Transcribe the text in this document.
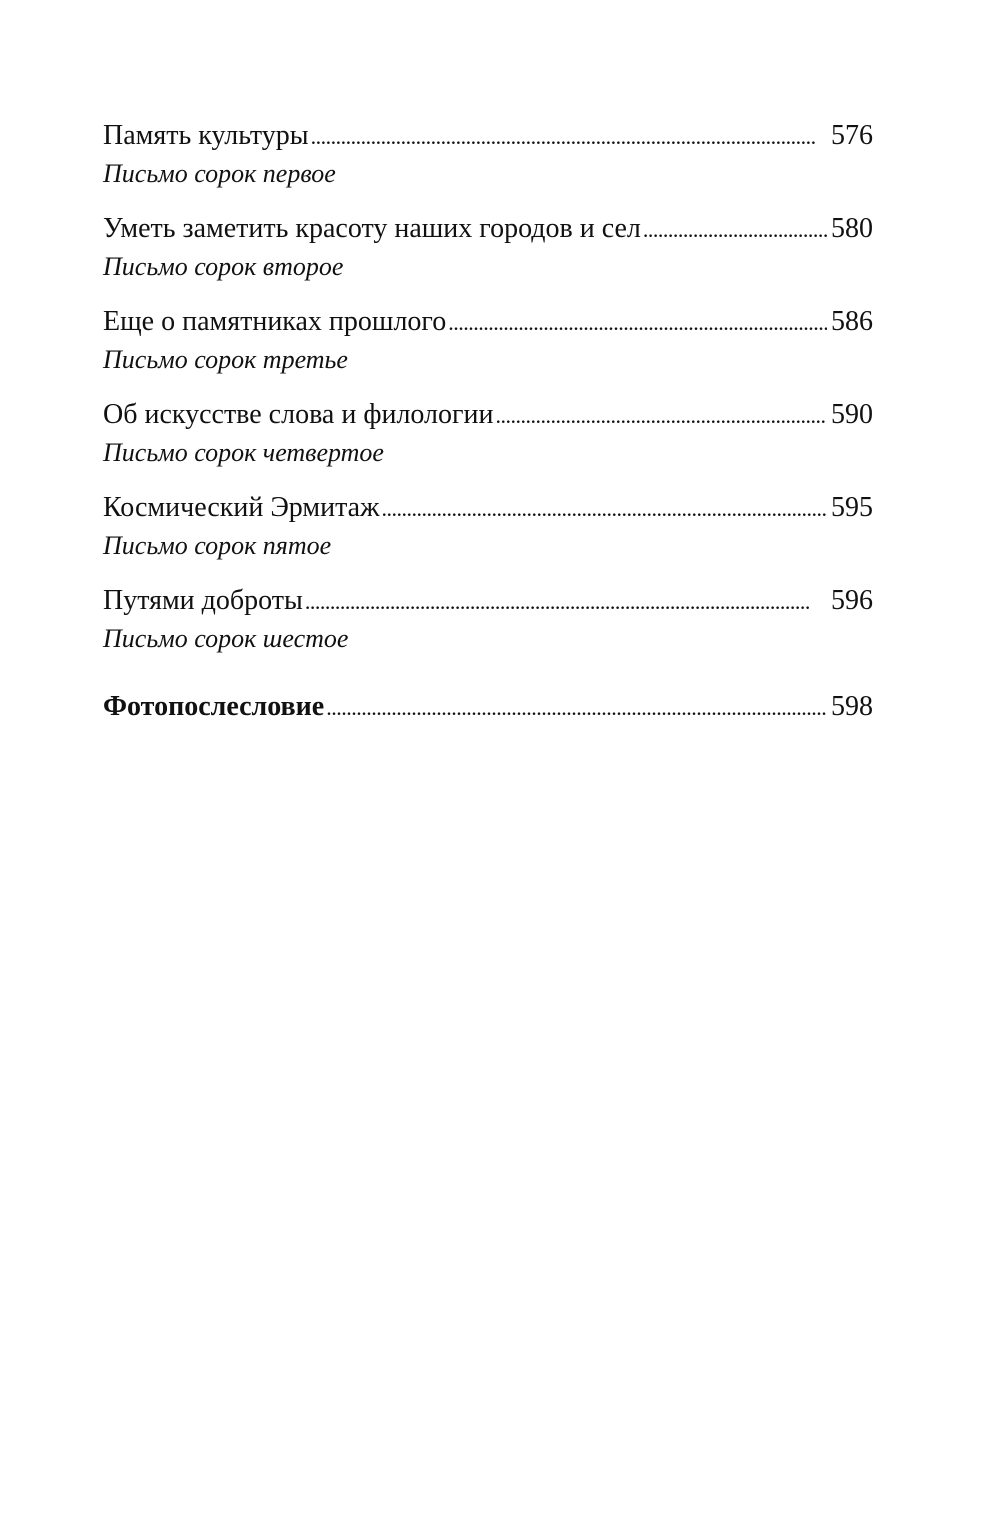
Память культуры . . .	576
Письмо сорок первое
Уметь заметить красоту наших городов и сел . . .	580
Письмо сорок второе
Еще о памятниках прошлого . . .	586
Письмо сорок третье
Об искусстве слова и филологии . . .	590
Письмо сорок четвертое
Космический Эрмитаж . . .	595
Письмо сорок пятое
Путями доброты . . .	596
Письмо сорок шестое
Фотопослесловие . . .	598
